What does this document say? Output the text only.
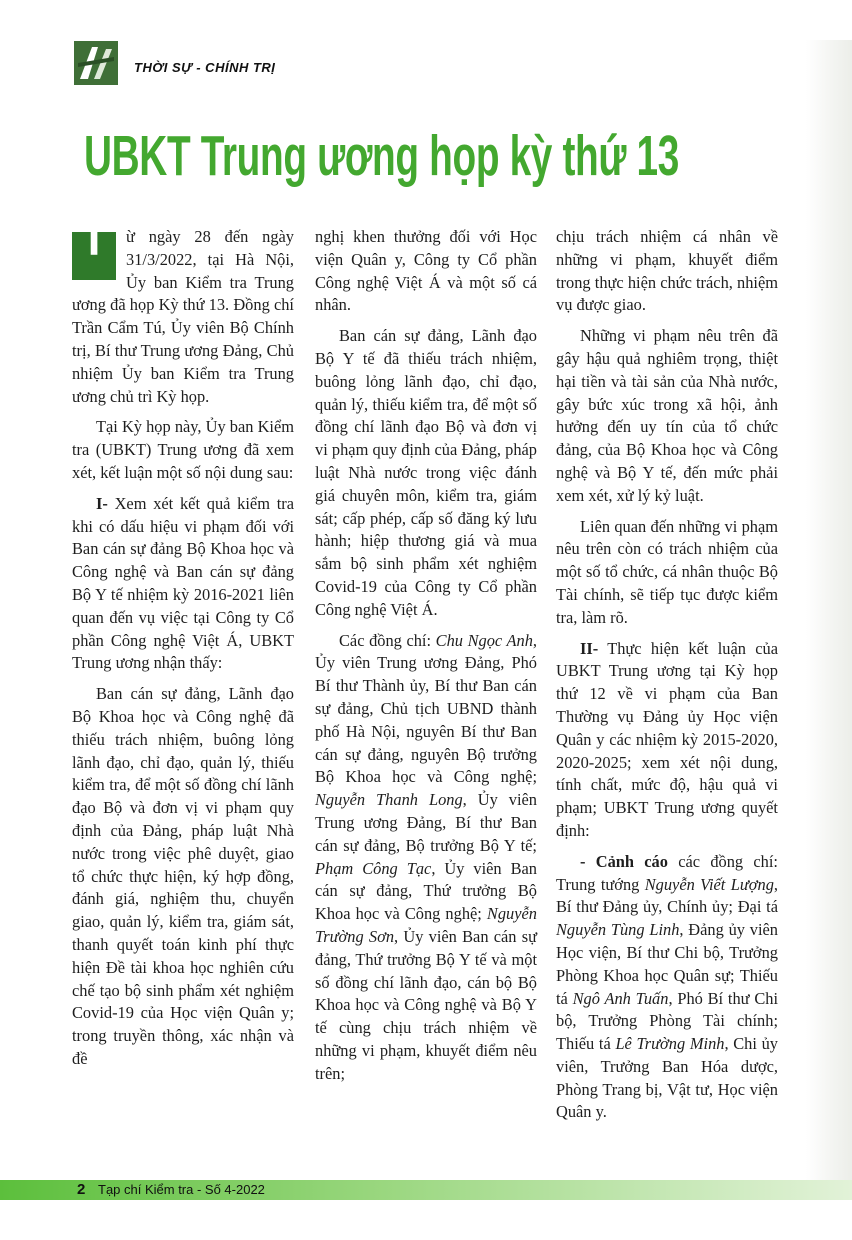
THỜI SỰ - CHÍNH TRỊ
UBKT Trung ương họp kỳ thứ 13

T	ừ ngày 28 đến ngày 31/3/2022, tại Hà Nội, Ủy ban Kiểm tra Trung ương đã họp Kỳ thứ 13. Đồng chí Trần Cẩm Tú, Ủy viên Bộ Chính trị, Bí thư Trung ương Đảng, Chủ nhiệm Ủy ban Kiểm tra Trung ương chủ trì Kỳ họp.

Tại Kỳ họp này, Ủy ban Kiểm tra (UBKT) Trung ương đã xem xét, kết luận một số nội dung sau:

I- Xem xét kết quả kiểm tra khi có dấu hiệu vi phạm đối với Ban cán sự đảng Bộ Khoa học và Công nghệ và Ban cán sự đảng Bộ Y tế nhiệm kỳ 2016-2021 liên quan đến vụ việc tại Công ty Cổ phần Công nghệ Việt Á, UBKT Trung ương nhận thấy:

Ban cán sự đảng, Lãnh đạo Bộ Khoa học và Công nghệ đã thiếu trách nhiệm, buông lỏng lãnh đạo, chỉ đạo, quản lý, thiếu kiểm tra, để một số đồng chí lãnh đạo Bộ và đơn vị vi phạm quy định của Đảng, pháp luật Nhà nước trong việc phê duyệt, giao tổ chức thực hiện, ký hợp đồng, đánh giá, nghiệm thu, chuyển giao, quản lý, kiểm tra, giám sát, thanh quyết toán kinh phí thực hiện Đề tài khoa học nghiên cứu chế tạo bộ sinh phẩm xét nghiệm Covid-19 của Học viện Quân y; trong truyền thông, xác nhận và đề

nghị khen thưởng đối với Học viện Quân y, Công ty Cổ phần Công nghệ Việt Á và một số cá nhân.

Ban cán sự đảng, Lãnh đạo Bộ Y tế đã thiếu trách nhiệm, buông lỏng lãnh đạo, chỉ đạo, quản lý, thiếu kiểm tra, để một số đồng chí lãnh đạo Bộ và đơn vị vi phạm quy định của Đảng, pháp luật Nhà nước trong việc đánh giá chuyên môn, kiểm tra, giám sát; cấp phép, cấp số đăng ký lưu hành; hiệp thương giá và mua sắm bộ sinh phẩm xét nghiệm Covid-19 của Công ty Cổ phần Công nghệ Việt Á.

Các đồng chí: Chu Ngọc Anh, Ủy viên Trung ương Đảng, Phó Bí thư Thành ủy, Bí thư Ban cán sự đảng, Chủ tịch UBND thành phố Hà Nội, nguyên Bí thư Ban cán sự đảng, nguyên Bộ trưởng Bộ Khoa học và Công nghệ; Nguyễn Thanh Long, Ủy viên Trung ương Đảng, Bí thư Ban cán sự đảng, Bộ trưởng Bộ Y tế; Phạm Công Tạc, Ủy viên Ban cán sự đảng, Thứ trưởng Bộ Khoa học và Công nghệ; Nguyễn Trường Sơn, Ủy viên Ban cán sự đảng, Thứ trưởng Bộ Y tế và một số đồng chí lãnh đạo, cán bộ Bộ Khoa học và Công nghệ và Bộ Y tế cùng chịu trách nhiệm về những vi phạm, khuyết điểm nêu trên;

chịu trách nhiệm cá nhân về những vi phạm, khuyết điểm trong thực hiện chức trách, nhiệm vụ được giao.

Những vi phạm nêu trên đã gây hậu quả nghiêm trọng, thiệt hại tiền và tài sản của Nhà nước, gây bức xúc trong xã hội, ảnh hưởng đến uy tín của tổ chức đảng, của Bộ Khoa học và Công nghệ và Bộ Y tế, đến mức phải xem xét, xử lý kỷ luật.

Liên quan đến những vi phạm nêu trên còn có trách nhiệm của một số tổ chức, cá nhân thuộc Bộ Tài chính, sẽ tiếp tục được kiểm tra, làm rõ.

II- Thực hiện kết luận của UBKT Trung ương tại Kỳ họp thứ 12 về vi phạm của Ban Thường vụ Đảng ủy Học viện Quân y các nhiệm kỳ 2015-2020, 2020-2025; xem xét nội dung, tính chất, mức độ, hậu quả vi phạm; UBKT Trung ương quyết định:

- Cảnh cáo các đồng chí: Trung tướng Nguyễn Viết Lượng, Bí thư Đảng ủy, Chính ủy; Đại tá Nguyễn Tùng Linh, Đảng ủy viên Học viện, Bí thư Chi bộ, Trưởng Phòng Khoa học Quân sự; Thiếu tá Ngô Anh Tuấn, Phó Bí thư Chi bộ, Trưởng Phòng Tài chính; Thiếu tá Lê Trường Minh, Chi ủy viên, Trưởng Ban Hóa dược, Phòng Trang bị, Vật tư, Học viện Quân y.

2 Tạp chí Kiểm tra - Số 4-2022
